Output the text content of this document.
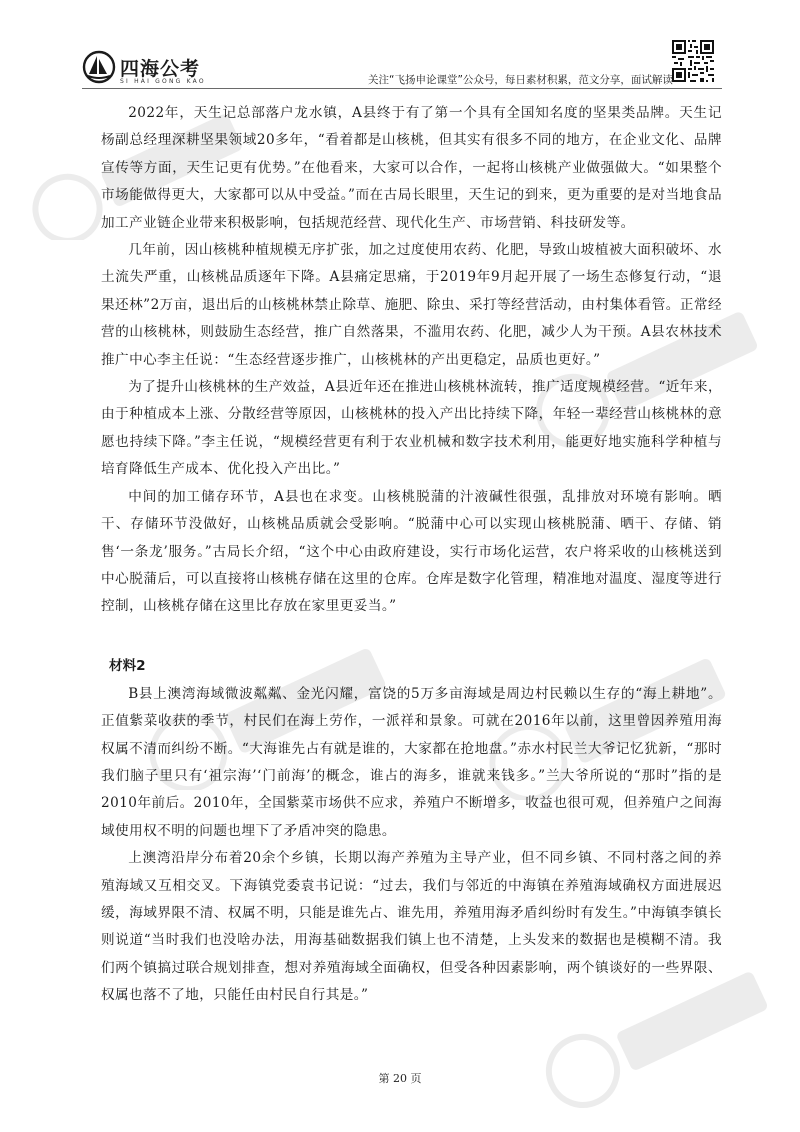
四海公考
SI HAI GONG KAO	关注“飞扬申论课堂”公众号，每日素材积累，范文分享，面试解读

2022年，天生记总部落户龙水镇，A县终于有了第一个具有全国知名度的坚果类品牌。天生记杨副总经理深耕坚果领域20多年，“看着都是山核桃，但其实有很多不同的地方，在企业文化、品牌宣传等方面，天生记更有优势。”在他看来，大家可以合作，一起将山核桃产业做强做大。“如果整个市场能做得更大，大家都可以从中受益。”而在古局长眼里，天生记的到来，更为重要的是对当地食品加工产业链企业带来积极影响，包括规范经营、现代化生产、市场营销、科技研发等。

几年前，因山核桃种植规模无序扩张，加之过度使用农药、化肥，导致山坡植被大面积破坏、水土流失严重，山核桃品质逐年下降。A县痛定思痛，于2019年9月起开展了一场生态修复行动，“退果还林”2万亩，退出后的山核桃林禁止除草、施肥、除虫、采打等经营活动，由村集体看管。正常经营的山核桃林，则鼓励生态经营，推广自然落果，不滥用农药、化肥，减少人为干预。A县农林技术推广中心李主任说：“生态经营逐步推广，山核桃林的产出更稳定，品质也更好。”

为了提升山核桃林的生产效益，A县近年还在推进山核桃林流转，推广适度规模经营。“近年来，由于种植成本上涨、分散经营等原因，山核桃林的投入产出比持续下降，年轻一辈经营山核桃林的意愿也持续下降。”李主任说，“规模经营更有利于农业机械和数字技术利用，能更好地实施科学种植与培育降低生产成本、优化投入产出比。”

中间的加工储存环节，A县也在求变。山核桃脱蒲的汁液碱性很强，乱排放对环境有影响。晒干、存储环节没做好，山核桃品质就会受影响。“脱蒲中心可以实现山核桃脱蒲、晒干、存储、销售‘一条龙’服务。”古局长介绍，“这个中心由政府建设，实行市场化运营，农户将采收的山核桃送到中心脱蒲后，可以直接将山核桃存储在这里的仓库。仓库是数字化管理，精准地对温度、湿度等进行控制，山核桃存储在这里比存放在家里更妥当。”

材料2

B县上澳湾海域微波粼粼、金光闪耀，富饶的5万多亩海域是周边村民赖以生存的“海上耕地”。正值紫菜收获的季节，村民们在海上劳作，一派祥和景象。可就在2016年以前，这里曾因养殖用海权属不清而纠纷不断。“大海谁先占有就是谁的，大家都在抢地盘。”赤水村民兰大爷记忆犹新，“那时我们脑子里只有‘祖宗海’‘门前海’的概念，谁占的海多，谁就来钱多。”兰大爷所说的“那时”指的是2010年前后。2010年，全国紫菜市场供不应求，养殖户不断增多，收益也很可观，但养殖户之间海域使用权不明的问题也埋下了矛盾冲突的隐患。

上澳湾沿岸分布着20余个乡镇，长期以海产养殖为主导产业，但不同乡镇、不同村落之间的养殖海域又互相交叉。下海镇党委袁书记说：“过去，我们与邻近的中海镇在养殖海域确权方面进展迟缓，海域界限不清、权属不明，只能是谁先占、谁先用，养殖用海矛盾纠纷时有发生。”中海镇李镇长则说道“当时我们也没啥办法，用海基础数据我们镇上也不清楚，上头发来的数据也是模糊不清。我们两个镇搞过联合规划排查，想对养殖海域全面确权，但受各种因素影响，两个镇谈好的一些界限、权属也落不了地，只能任由村民自行其是。”

第 20 页
